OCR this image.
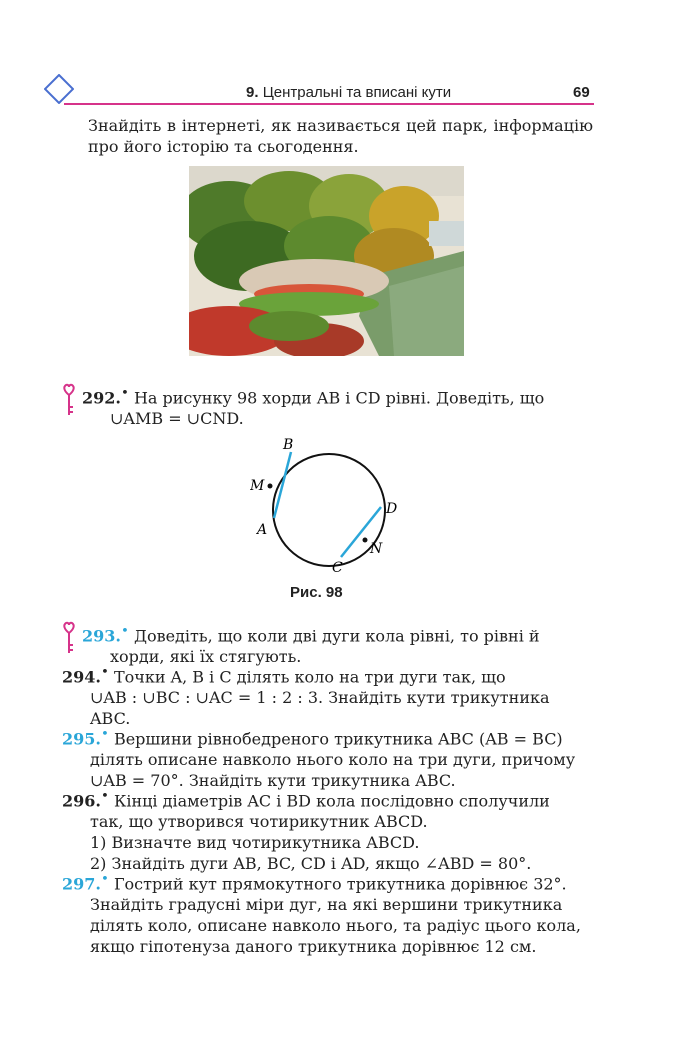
9. Центральні та вписані кути	69
Знайдіть в інтернеті, як називається цей парк, інформацію про його історію та сьогодення.
292.• На рисунку 98 хорди AB і CD рівні. Доведіть, що
∪AMB = ∪CND.
B
M
A
D
N
C
Рис. 98
293.• Доведіть, що коли дві дуги кола рівні, то рівні й
хорди, які їх стягують.
294.• Точки A, B і C ділять коло на три дуги так, що
∪AB : ∪BC : ∪AC = 1 : 2 : 3. Знайдіть кути трикутника
ABC.
295.• Вершини рівнобедреного трикутника ABC (AB = BC)
ділять описане навколо нього коло на три дуги, причому
∪AB = 70°. Знайдіть кути трикутника ABC.
296.• Кінці діаметрів AC і BD кола послідовно сполучили
так, що утворився чотирикутник ABCD.
1) Визначте вид чотирикутника ABCD.
2) Знайдіть дуги AB, BC, CD і AD, якщо ∠ABD = 80°.
297.• Гострий кут прямокутного трикутника дорівнює 32°.
Знайдіть градусні міри дуг, на які вершини трикутника
ділять коло, описане навколо нього, та радіус цього кола,
якщо гіпотенуза даного трикутника дорівнює 12 см.
